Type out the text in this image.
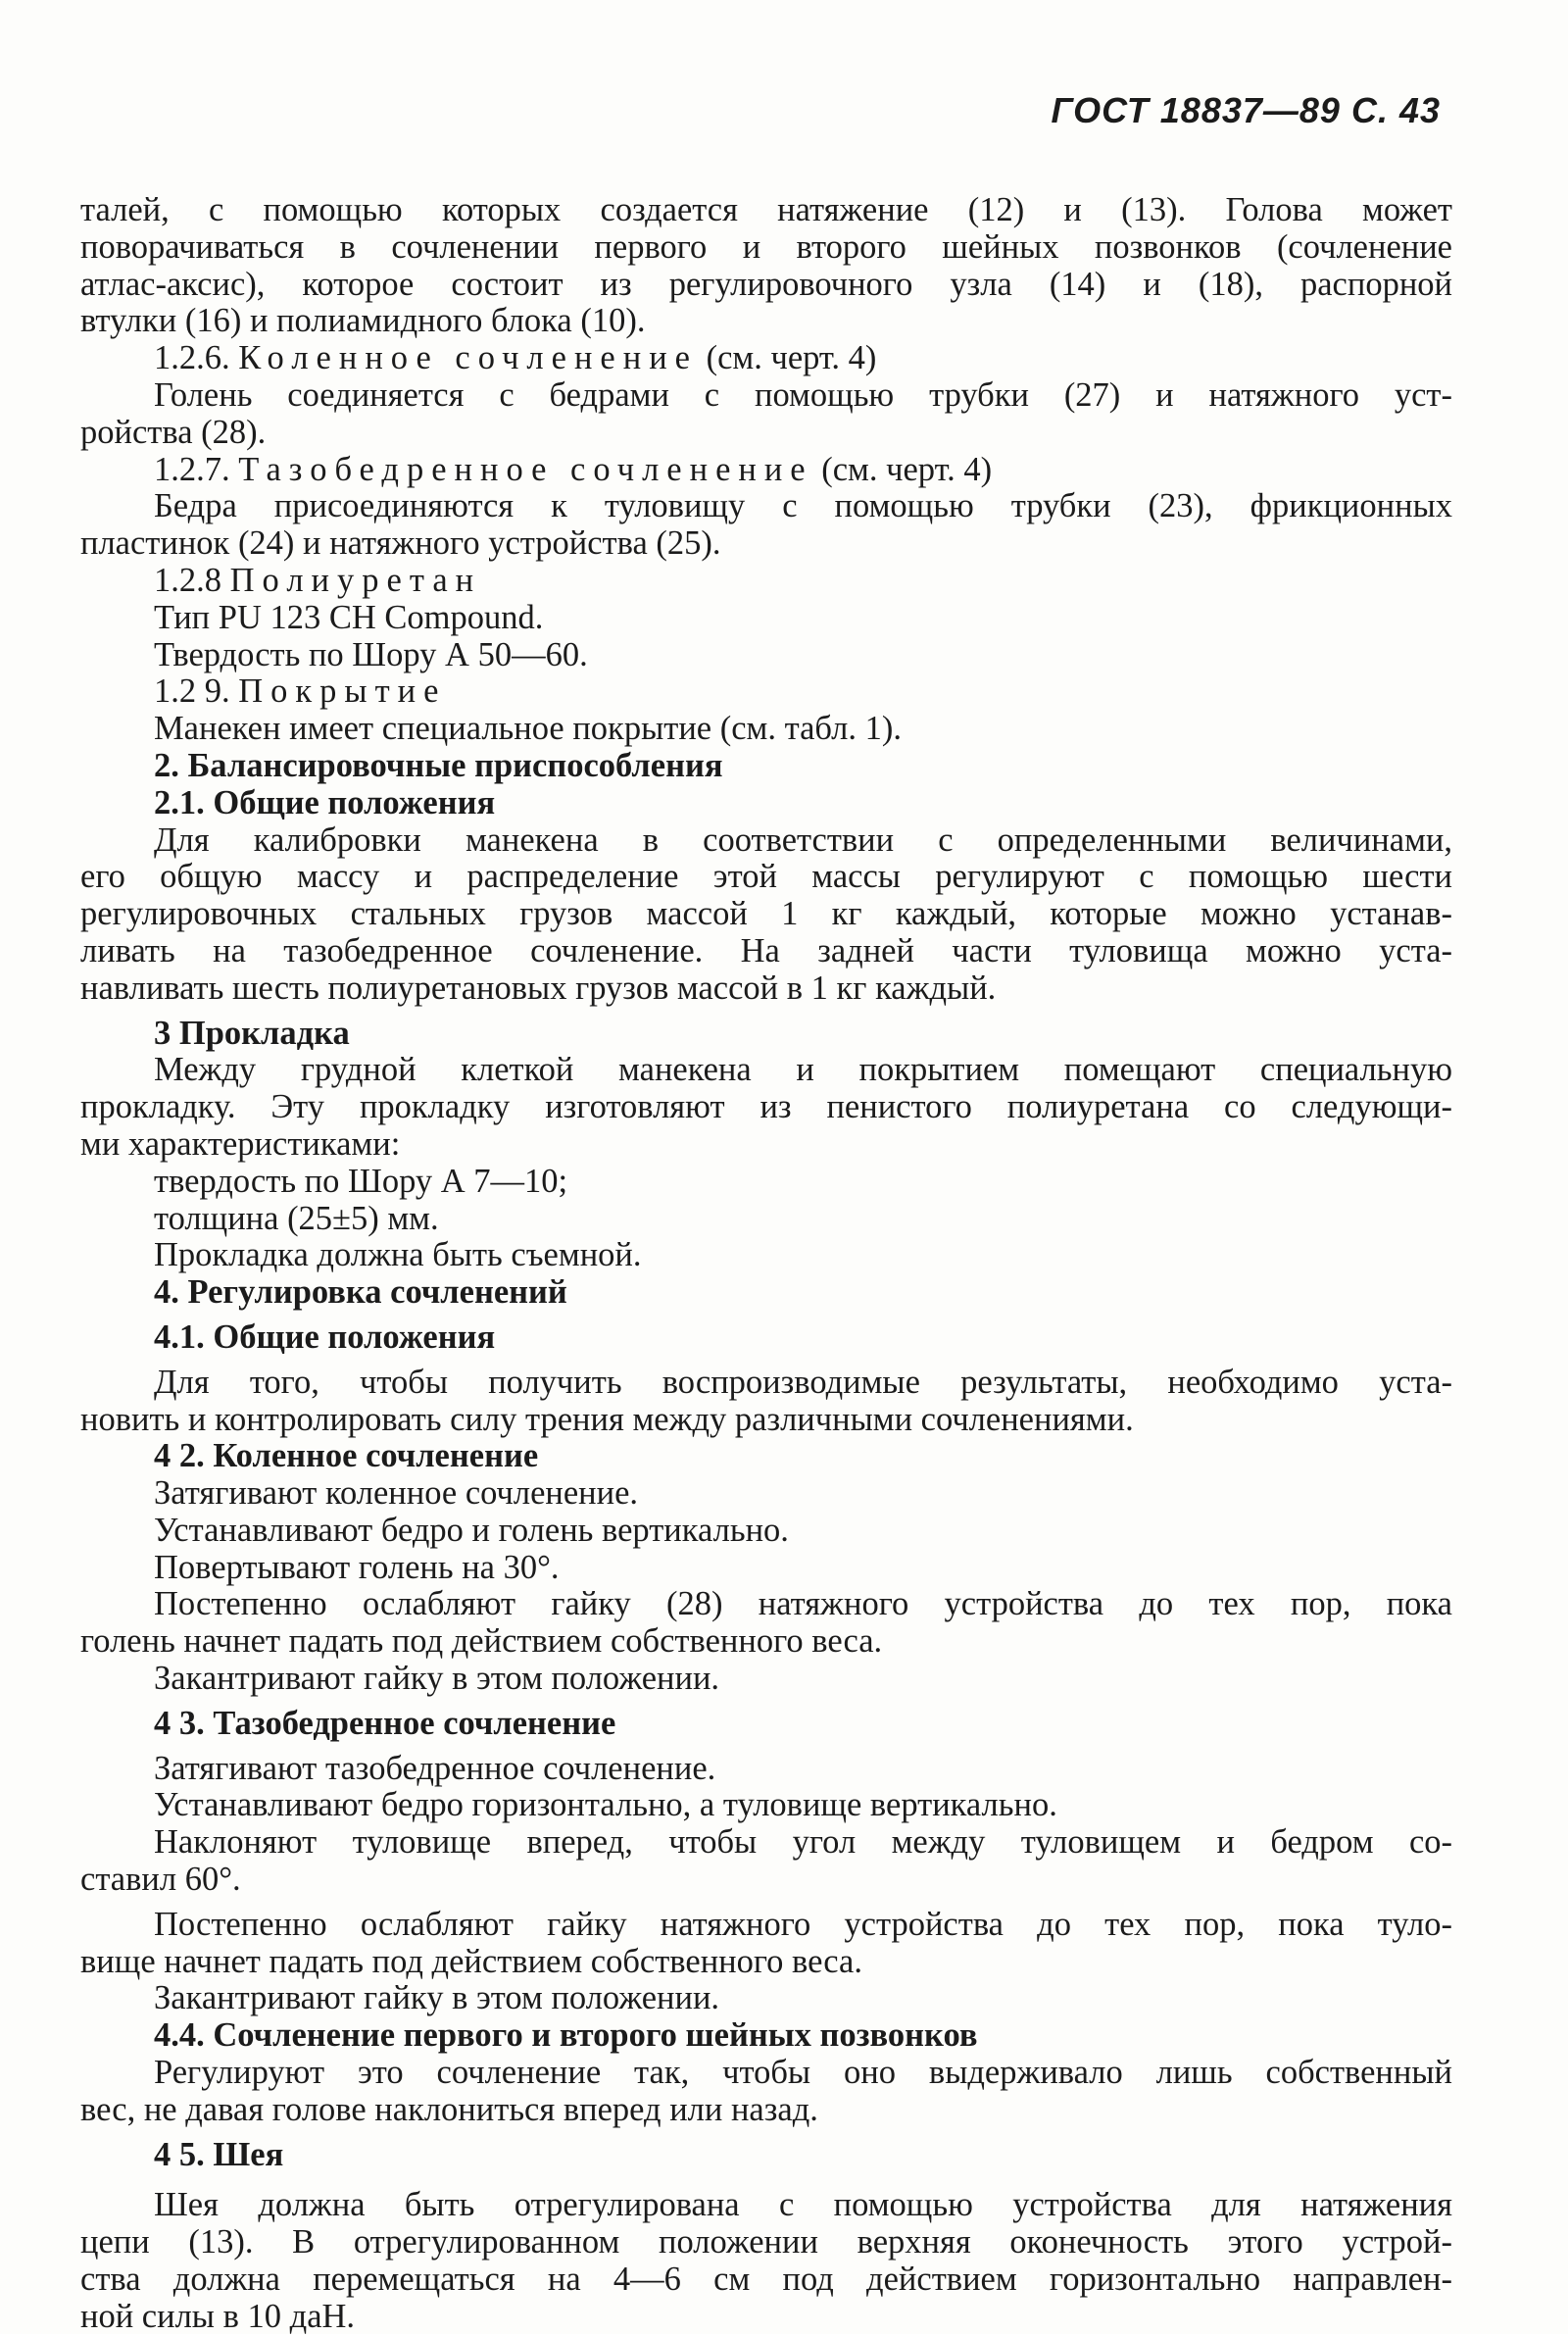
ГОСТ 18837—89 С. 43
талей, с помощью которых создается натяжение (12) и (13). Голова может
поворачиваться в сочленении первого и второго шейных позвонков (сочленение
атлас-аксис), которое состоит из регулировочного узла (14) и (18), распорной
втулки (16) и полиамидного блока (10).
1.2.6. Коленное сочленение (см. черт. 4)
Голень соединяется с бедрами с помощью трубки (27) и натяжного уст-
ройства (28).
1.2.7. Тазобедренное сочленение (см. черт. 4)
Бедра присоединяются к туловищу с помощью трубки (23), фрикционных
пластинок (24) и натяжного устройства (25).
1.2.8 Полиуретан
Тип PU 123 CH Compound.
Твердость по Шору А 50—60.
1.2 9. Покрытие
Манекен имеет специальное покрытие (см. табл. 1).
2. Балансировочные приспособления
2.1. Общие положения
Для калибровки манекена в соответствии с определенными величинами,
его общую массу и распределение этой массы регулируют с помощью шести
регулировочных стальных грузов массой 1 кг каждый, которые можно устанав-
ливать на тазобедренное сочленение. На задней части туловища можно уста-
навливать шесть полиуретановых грузов массой в 1 кг каждый.
3 Прокладка
Между грудной клеткой манекена и покрытием помещают специальную
прокладку. Эту прокладку изготовляют из пенистого полиуретана со следующи-
ми характеристиками:
твердость по Шору А 7—10;
толщина (25±5) мм.
Прокладка должна быть съемной.
4. Регулировка сочленений
4.1. Общие положения
Для того, чтобы получить воспроизводимые результаты, необходимо уста-
новить и контролировать силу трения между различными сочленениями.
4 2. Коленное сочленение
Затягивают коленное сочленение.
Устанавливают бедро и голень вертикально.
Повертывают голень на 30°.
Постепенно ослабляют гайку (28) натяжного устройства до тех пор, пока
голень начнет падать под действием собственного веса.
Закантривают гайку в этом положении.
4 3. Тазобедренное сочленение
Затягивают тазобедренное сочленение.
Устанавливают бедро горизонтально, а туловище вертикально.
Наклоняют туловище вперед, чтобы угол между туловищем и бедром со-
ставил 60°.
Постепенно ослабляют гайку натяжного устройства до тех пор, пока туло-
вище начнет падать под действием собственного веса.
Закантривают гайку в этом положении.
4.4. Сочленение первого и второго шейных позвонков
Регулируют это сочленение так, чтобы оно выдерживало лишь собственный
вес, не давая голове наклониться вперед или назад.
4 5. Шея
Шея должна быть отрегулирована с помощью устройства для натяжения
цепи (13). В отрегулированном положении верхняя оконечность этого устрой-
ства должна перемещаться на 4—6 см под действием горизонтально направлен-
ной силы в 10 даН.
